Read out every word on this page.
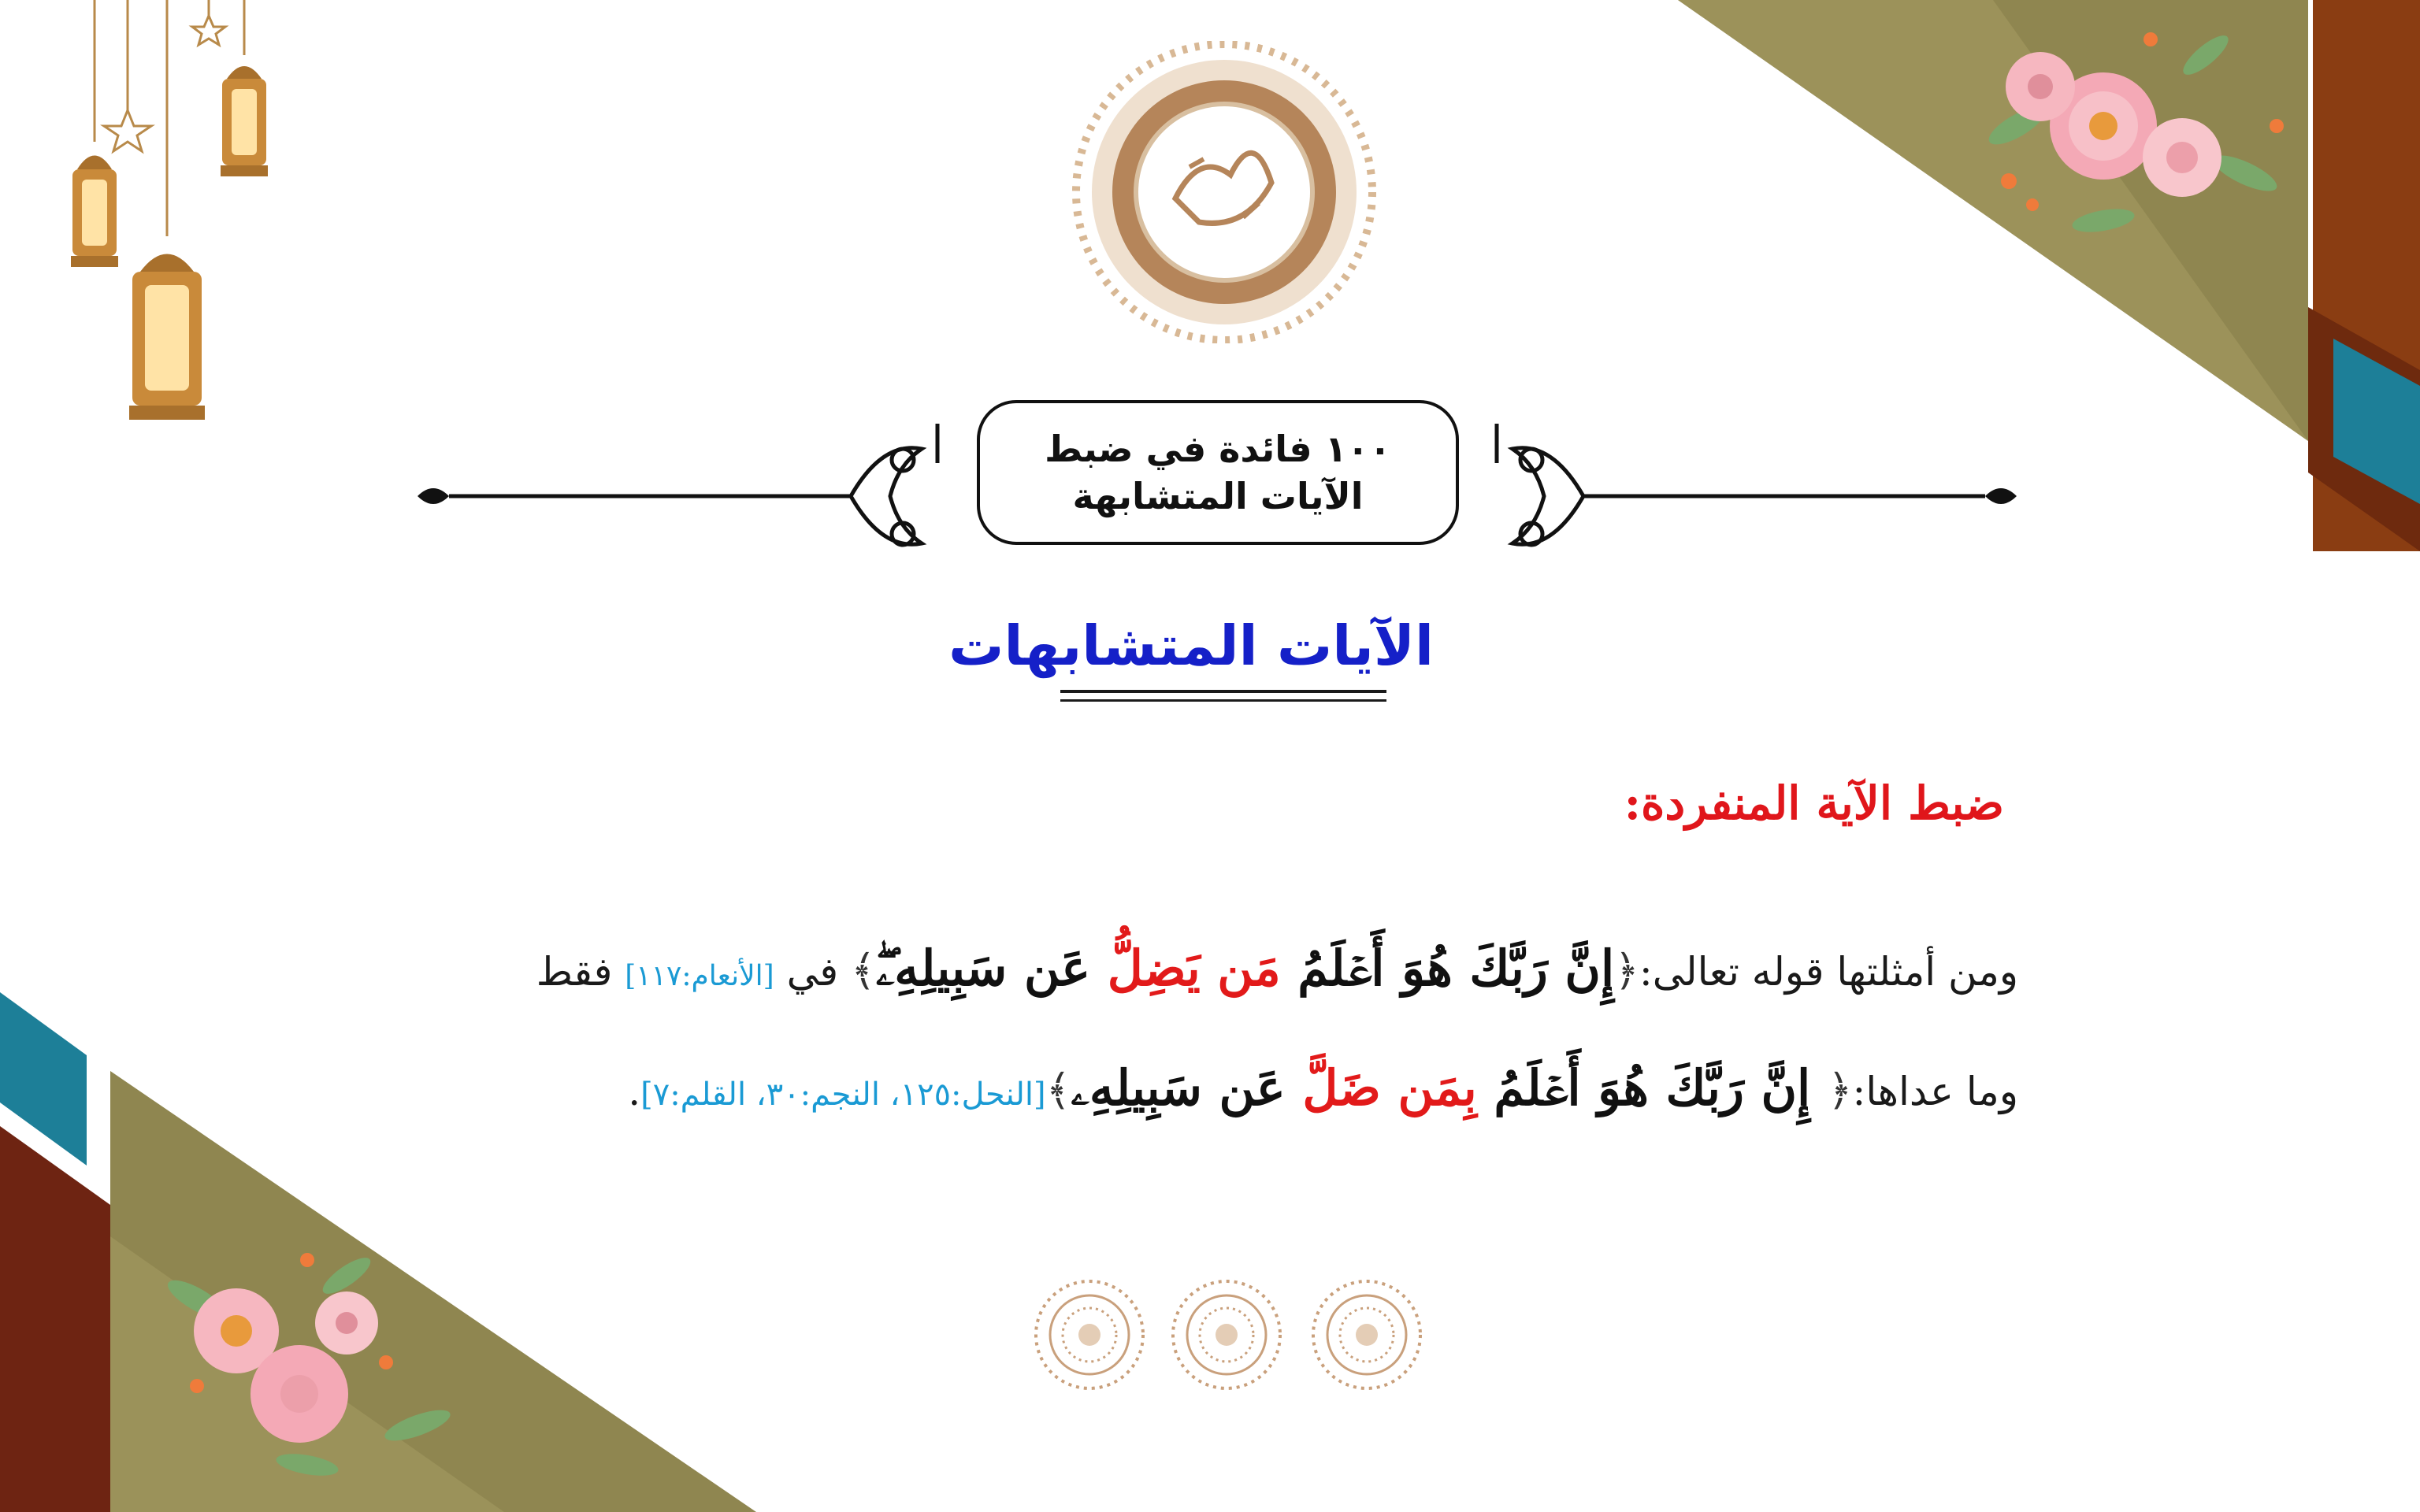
١٠٠ فائدة في ضبط
الآيات المتشابهة
الآيات المتشابهات
ضبط الآية المنفردة:
ومن أمثلتها قوله تعالى:﴿إِنَّ رَبَّكَ هُوَ أَعۡلَمُ مَن يَضِلُّ عَن سَبِيلِهِۦۖ﴾ في [الأنعام:١١٧] فقط
وما عداها:﴿ إِنَّ رَبَّكَ هُوَ أَعۡلَمُ بِمَن ضَلَّ عَن سَبِيلِهِۦ﴾[النحل:١٢٥، النجم:٣٠، القلم:٧].
